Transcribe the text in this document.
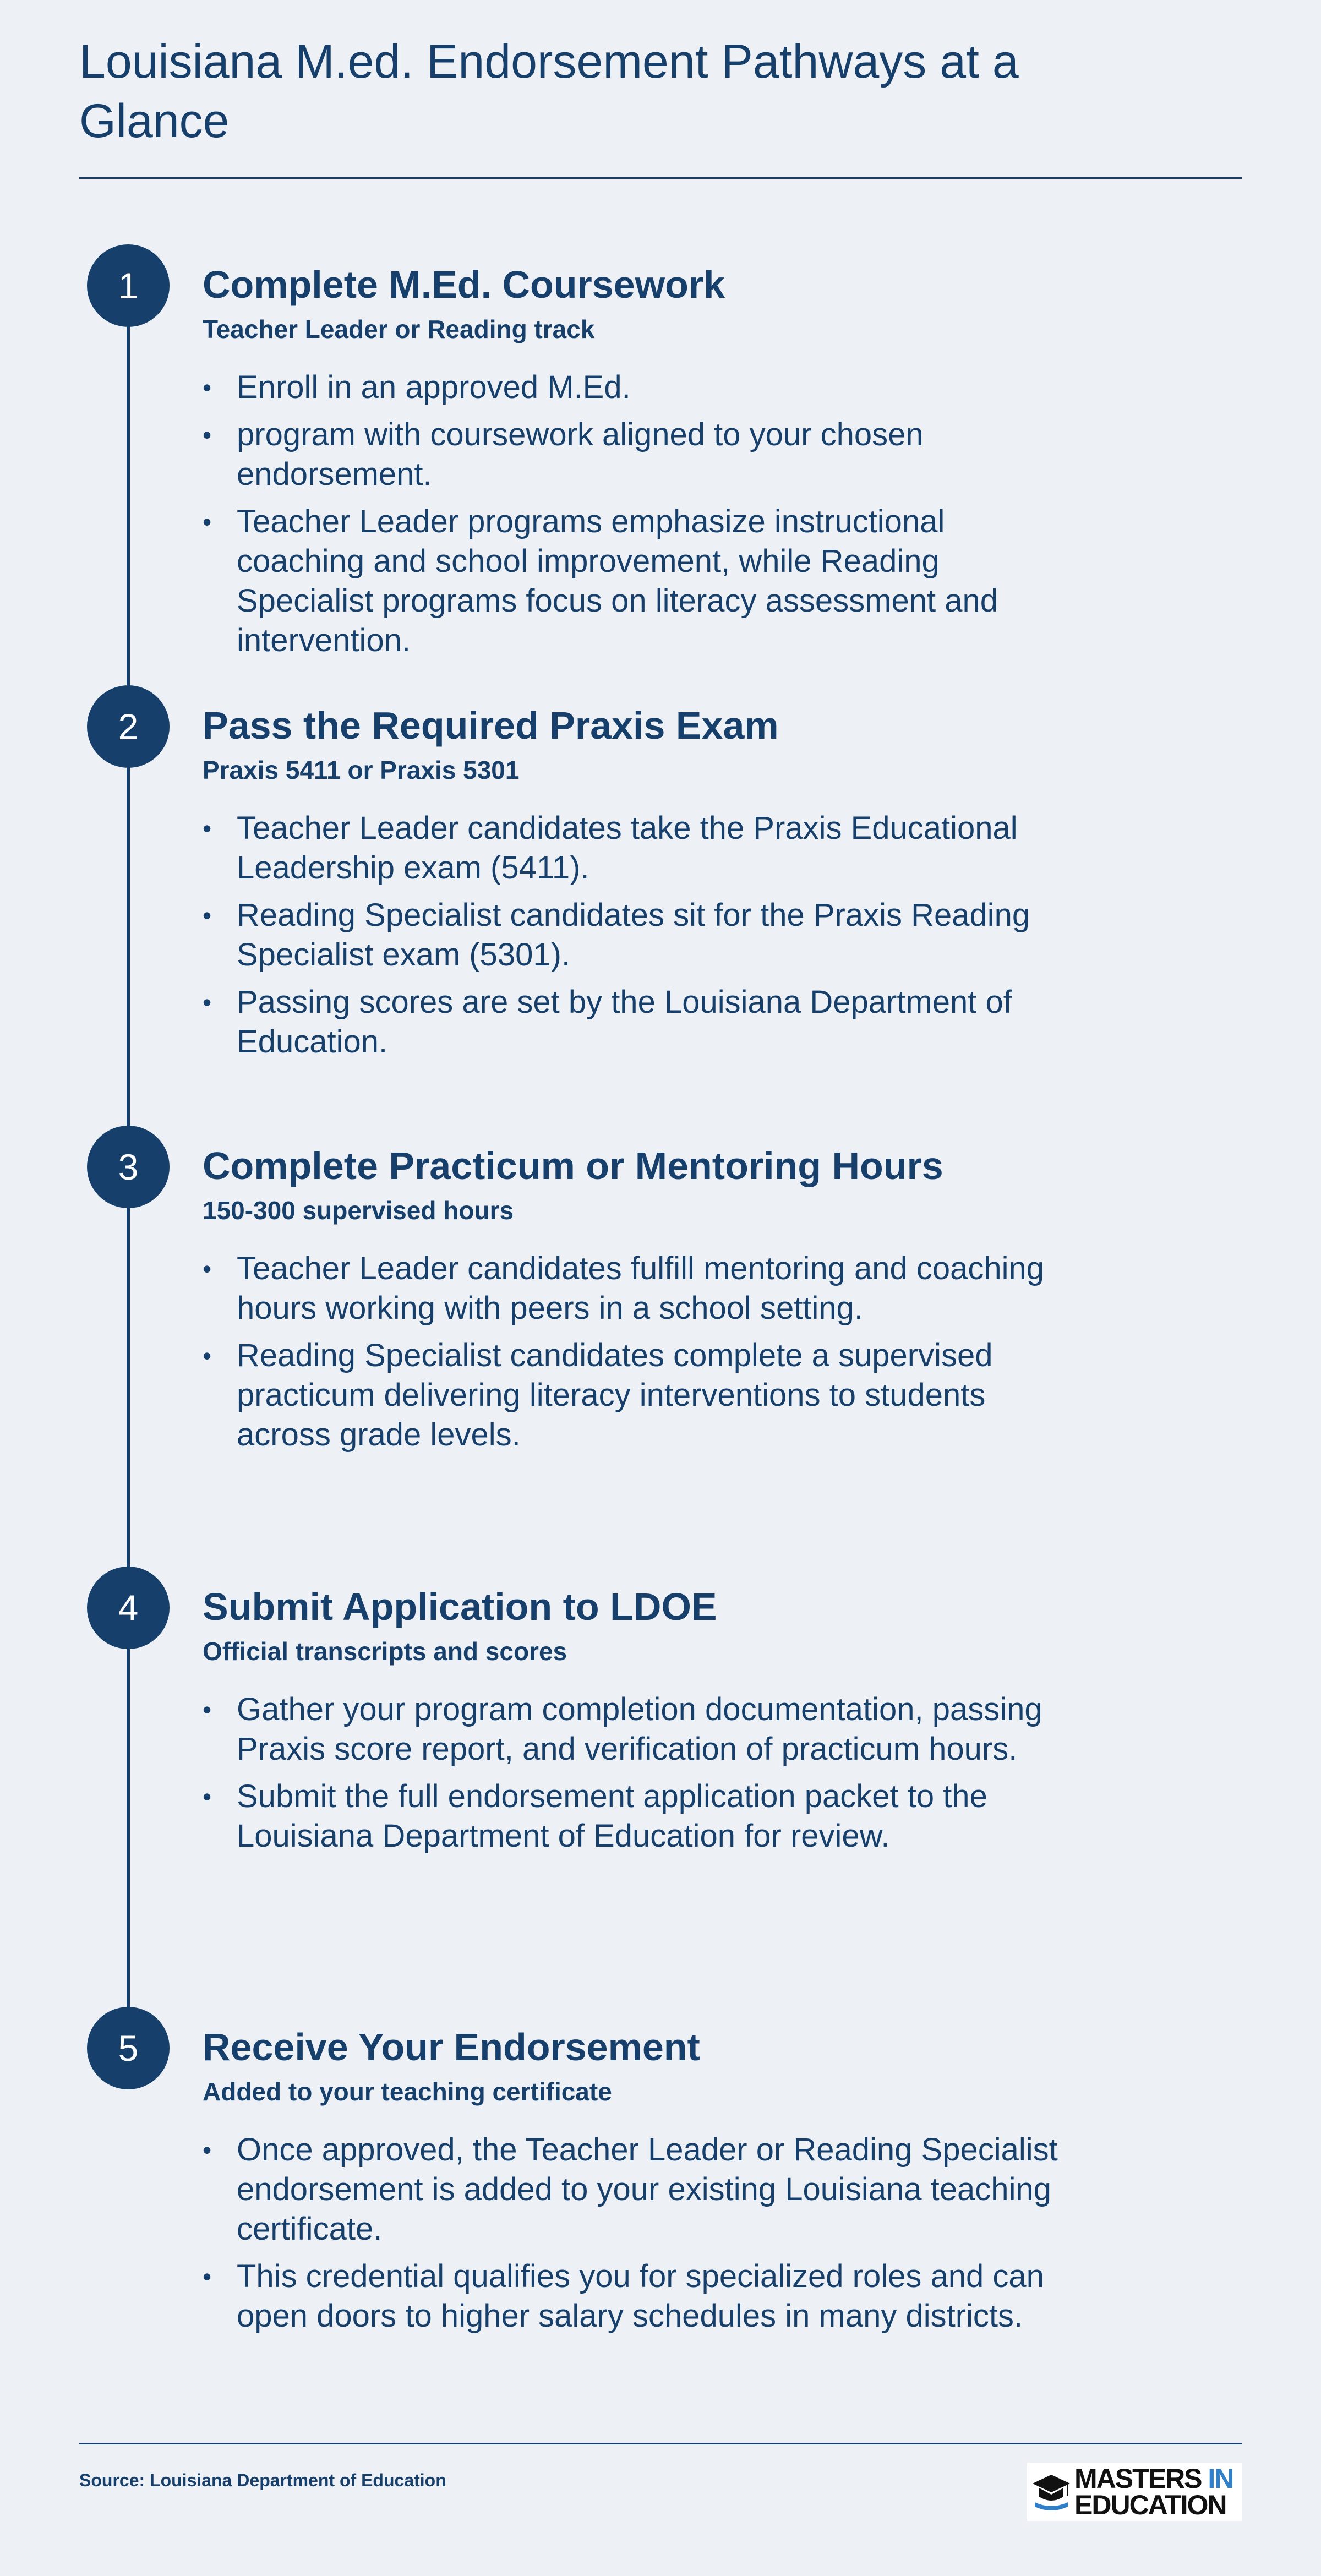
Louisiana M.ed. Endorsement Pathways at a Glance
1	Complete M.Ed. Coursework
Teacher Leader or Reading track
• Enroll in an approved M.Ed.
• program with coursework aligned to your chosen endorsement.
• Teacher Leader programs emphasize instructional coaching and school improvement, while Reading Specialist programs focus on literacy assessment and intervention.
2	Pass the Required Praxis Exam
Praxis 5411 or Praxis 5301
• Teacher Leader candidates take the Praxis Educational Leadership exam (5411).
• Reading Specialist candidates sit for the Praxis Reading Specialist exam (5301).
• Passing scores are set by the Louisiana Department of Education.
3	Complete Practicum or Mentoring Hours
150-300 supervised hours
• Teacher Leader candidates fulfill mentoring and coaching hours working with peers in a school setting.
• Reading Specialist candidates complete a supervised practicum delivering literacy interventions to students across grade levels.
4	Submit Application to LDOE
Official transcripts and scores
• Gather your program completion documentation, passing Praxis score report, and verification of practicum hours.
• Submit the full endorsement application packet to the Louisiana Department of Education for review.
5	Receive Your Endorsement
Added to your teaching certificate
• Once approved, the Teacher Leader or Reading Specialist endorsement is added to your existing Louisiana teaching certificate.
• This credential qualifies you for specialized roles and can open doors to higher salary schedules in many districts.
Source: Louisiana Department of Education	MASTERS IN
EDUCATION
